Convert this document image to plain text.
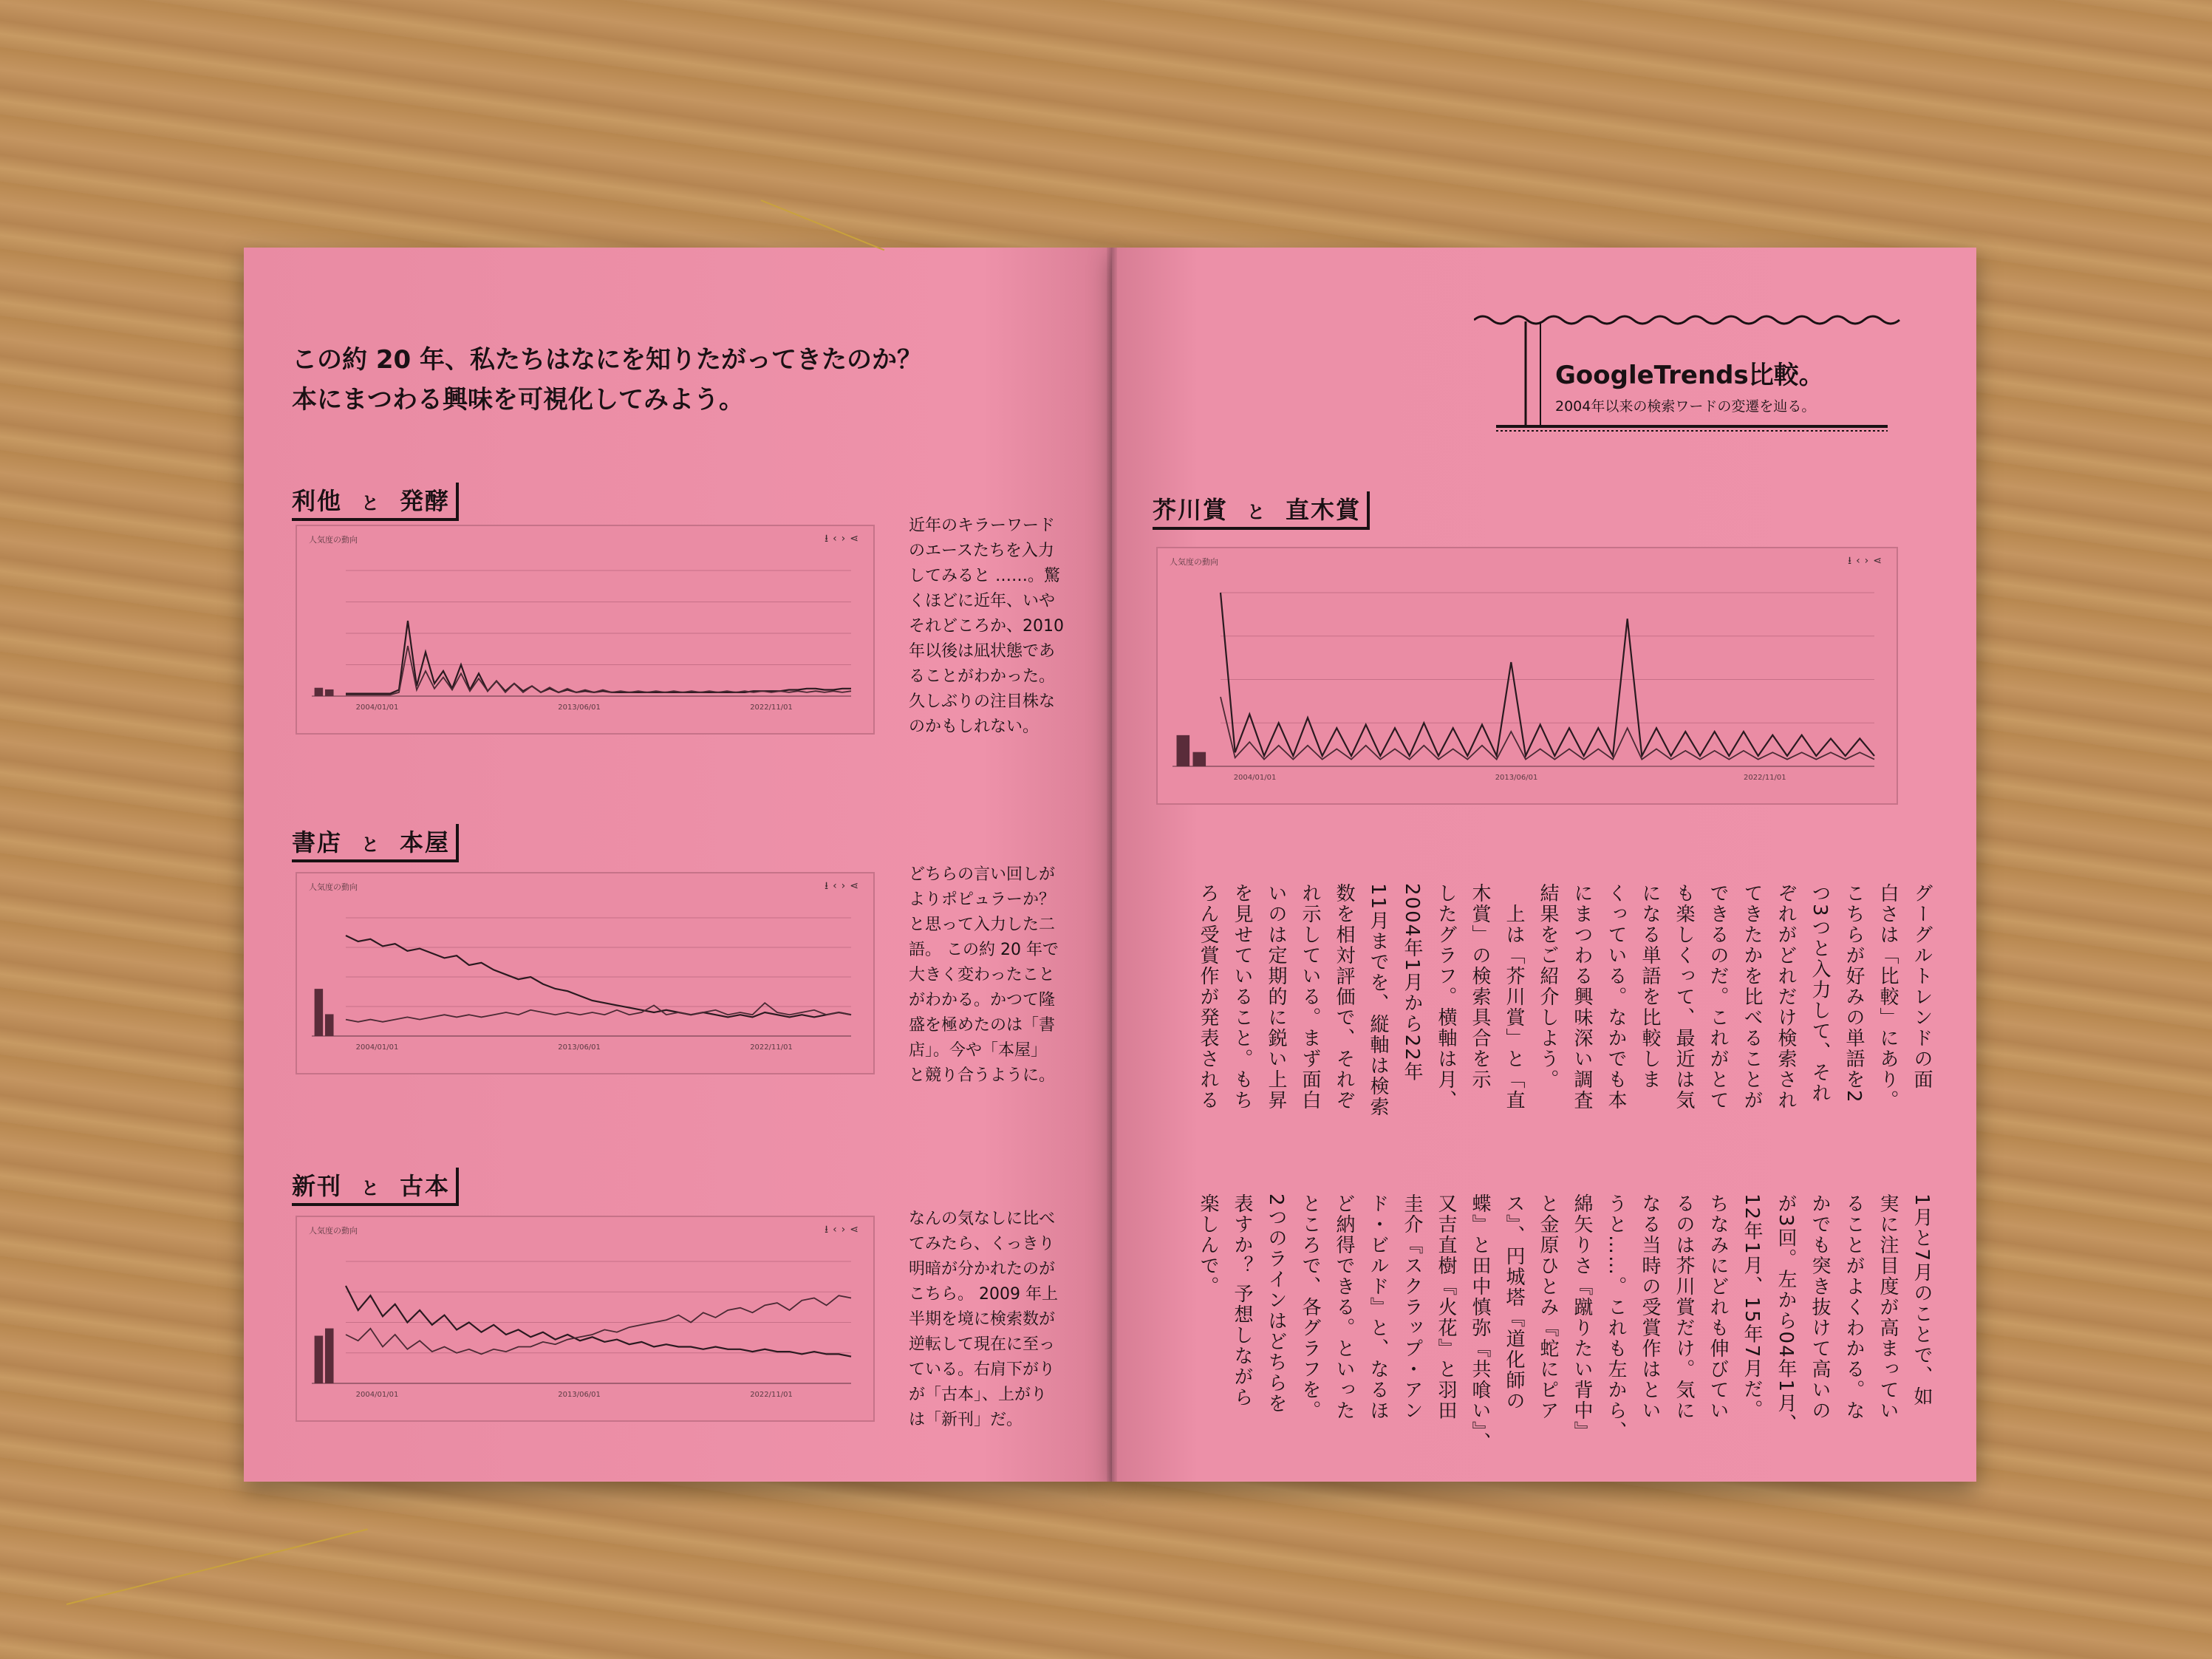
この約 20 年、私たちはなにを知りたがってきたのか？
本にまつわる興味を可視化してみよう。
利他 と 発酵
人気度の動向	⭳‹›⋖
2004/01/01	2013/06/01	2022/11/01
近年のキラーワード
のエースたちを入力
してみると ……。驚
くほどに近年、いや
それどころか、2010
年以後は凪状態であ
ることがわかった。
久しぶりの注目株な
のかもしれない。
書店 と 本屋
人気度の動向	⭳‹›⋖
2004/01/01	2013/06/01	2022/11/01
どちらの言い回しが
よりポピュラーか？
と思って入力した二
語。 この約 20 年で
大きく変わったこと
がわかる。かつて隆
盛を極めたのは「書
店」。今や「本屋」
と競り合うように。
新刊 と 古本
人気度の動向	⭳‹›⋖
2004/01/01	2013/06/01	2022/11/01
なんの気なしに比べ
てみたら、くっきり
明暗が分かれたのが
こちら。 2009 年上
半期を境に検索数が
逆転して現在に至っ
ている。右肩下がり
が「古本」、上がり
は「新刊」だ。
GoogleTrends比較。
2004年以来の検索ワードの変遷を辿る。
芥川賞 と 直木賞
人気度の動向	⭳‹›⋖
2004/01/01	2013/06/01	2022/11/01
グーグルトレンドの面
白さは「比較」にあり。
こちらが好みの単語を2
つ3つと入力して、それ
ぞれがどれだけ検索され
てきたかを比べることが
できるのだ。これがとて
も楽しくって、最近は気
になる単語を比較しま
くっている。なかでも本
にまつわる興味深い調査
結果をご紹介しよう。
　上は「芥川賞」と「直
木賞」の検索具合を示
したグラフ。横軸は月、
2004年1月から22年
11月までを、縦軸は検索
数を相対評価で、それぞ
れ示している。まず面白
いのは定期的に鋭い上昇
を見せていること。もち
ろん受賞作が発表される
1月と7月のことで、如
実に注目度が高まってい
ることがよくわかる。な
かでも突き抜けて高いの
が3回。左から04年1月、
12年1月、15年7月だ。
ちなみにどれも伸びてい
るのは芥川賞だけ。気に
なる当時の受賞作はとい
うと……。これも左から、
綿矢りさ『蹴りたい背中』
と金原ひとみ『蛇にピア
ス』、円城塔『道化師の
蝶』と田中慎弥『共喰い』、
又吉直樹『火花』と羽田
圭介『スクラップ・アン
ド・ビルド』と、なるほ
ど納得できる。といった
ところで、各グラフを。
2つのラインはどちらを
表すか？ 予想しながら
楽しんで。
